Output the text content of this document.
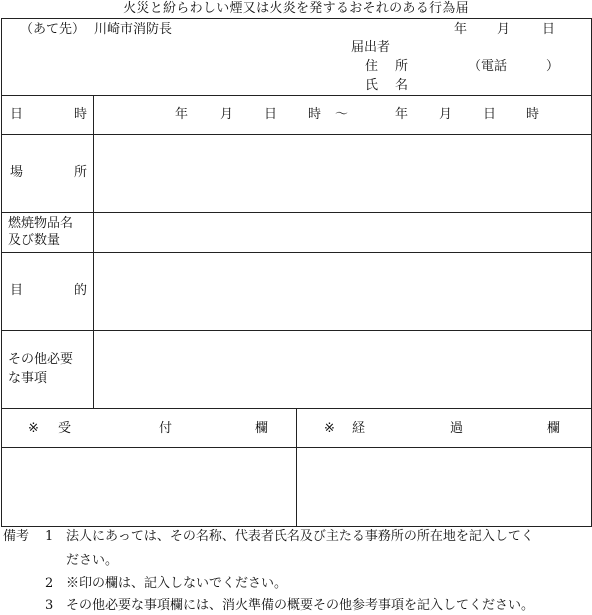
火災と紛らわしい煙又は火炎を発するおそれのある行為届
（あて先） 川崎市消防長	年 月 日
届出者
住 所	（電話	）
氏 名
日	時	年 月 日 時 ～	年 月 日 時
場	所
燃焼物品名
及び数量
目	的
その他必要
な事項
※ 受	付	欄	※ 経	過	欄
備考 1 法人にあっては、その名称、代表者氏名及び主たる事務所の所在地を記入してく
ださい。
2 ※印の欄は、記入しないでください。
3 その他必要な事項欄には、消火準備の概要その他参考事項を記入してください。
